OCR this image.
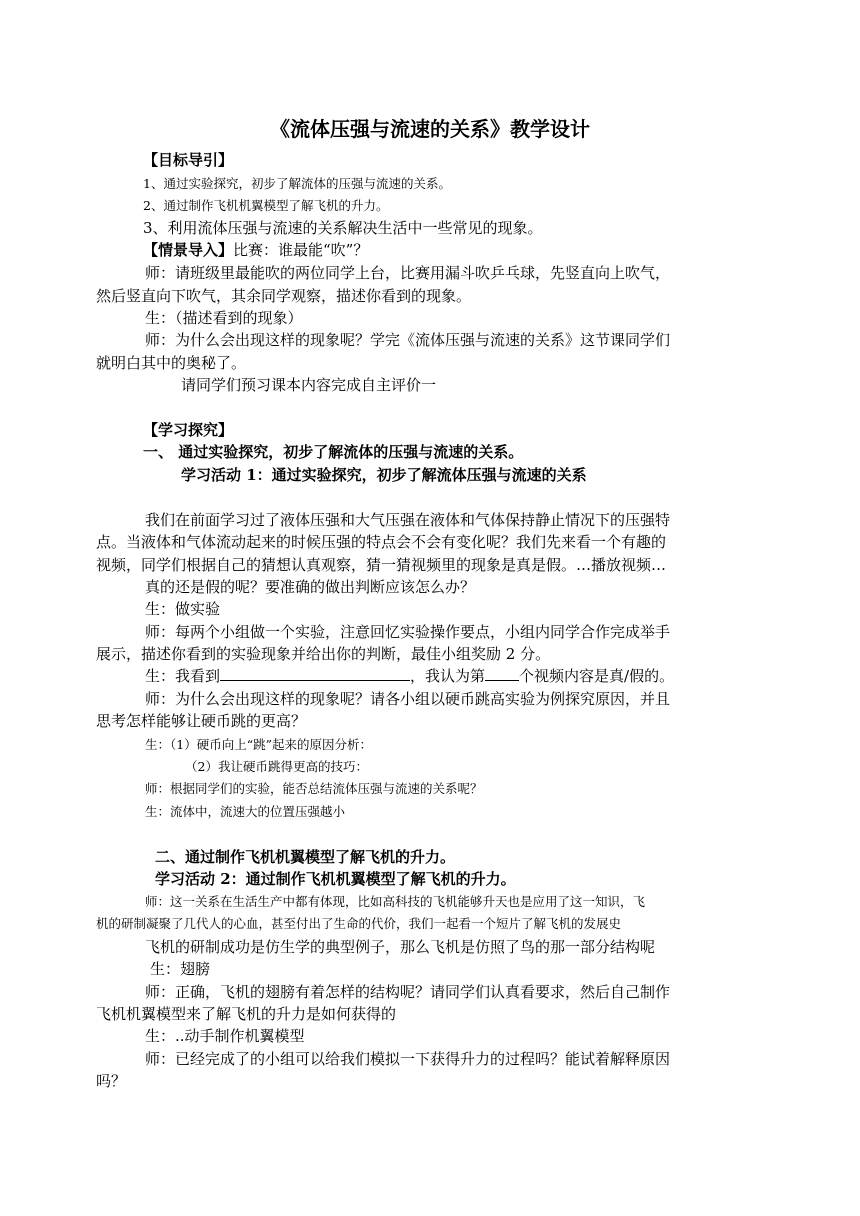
《流体压强与流速的关系》教学设计
【目标导引】
1、通过实验探究，初步了解流体的压强与流速的关系。
2、通过制作飞机机翼模型了解飞机的升力。
3、利用流体压强与流速的关系解决生活中一些常见的现象。
【情景导入】比赛：谁最能“吹”？
师：请班级里最能吹的两位同学上台，比赛用漏斗吹乒乓球，先竖直向上吹气，
然后竖直向下吹气，其余同学观察，描述你看到的现象。
生：（描述看到的现象）
师：为什么会出现这样的现象呢？学完《流体压强与流速的关系》这节课同学们
就明白其中的奥秘了。
请同学们预习课本内容完成自主评价一
【学习探究】
一、 通过实验探究，初步了解流体的压强与流速的关系。
学习活动 1：通过实验探究，初步了解流体压强与流速的关系
我们在前面学习过了液体压强和大气压强在液体和气体保持静止情况下的压强特
点。当液体和气体流动起来的时候压强的特点会不会有变化呢？我们先来看一个有趣的
视频，同学们根据自己的猜想认真观察，猜一猜视频里的现象是真是假。…播放视频…
真的还是假的呢？要准确的做出判断应该怎么办？
生：做实验
师：每两个小组做一个实验，注意回忆实验操作要点，小组内同学合作完成举手
展示，描述你看到的实验现象并给出你的判断，最佳小组奖励 2 分。
生：我看到	，我认为第 个视频内容是真/假的。
师：为什么会出现这样的现象呢？请各小组以硬币跳高实验为例探究原因，并且
思考怎样能够让硬币跳的更高？
生：（1）硬币向上“跳”起来的原因分析：
（2）我让硬币跳得更高的技巧：
师：根据同学们的实验，能否总结流体压强与流速的关系呢？
生：流体中，流速大的位置压强越小
二、通过制作飞机机翼模型了解飞机的升力。
学习活动 2：通过制作飞机机翼模型了解飞机的升力。
师：这一关系在生活生产中都有体现，比如高科技的飞机能够升天也是应用了这一知识，飞
机的研制凝聚了几代人的心血，甚至付出了生命的代价，我们一起看一个短片了解飞机的发展史
飞机的研制成功是仿生学的典型例子，那么飞机是仿照了鸟的那一部分结构呢
生：翅膀
师：正确，飞机的翅膀有着怎样的结构呢？请同学们认真看要求，然后自己制作
飞机机翼模型来了解飞机的升力是如何获得的
生：..动手制作机翼模型
师：已经完成了的小组可以给我们模拟一下获得升力的过程吗？能试着解释原因
吗？
